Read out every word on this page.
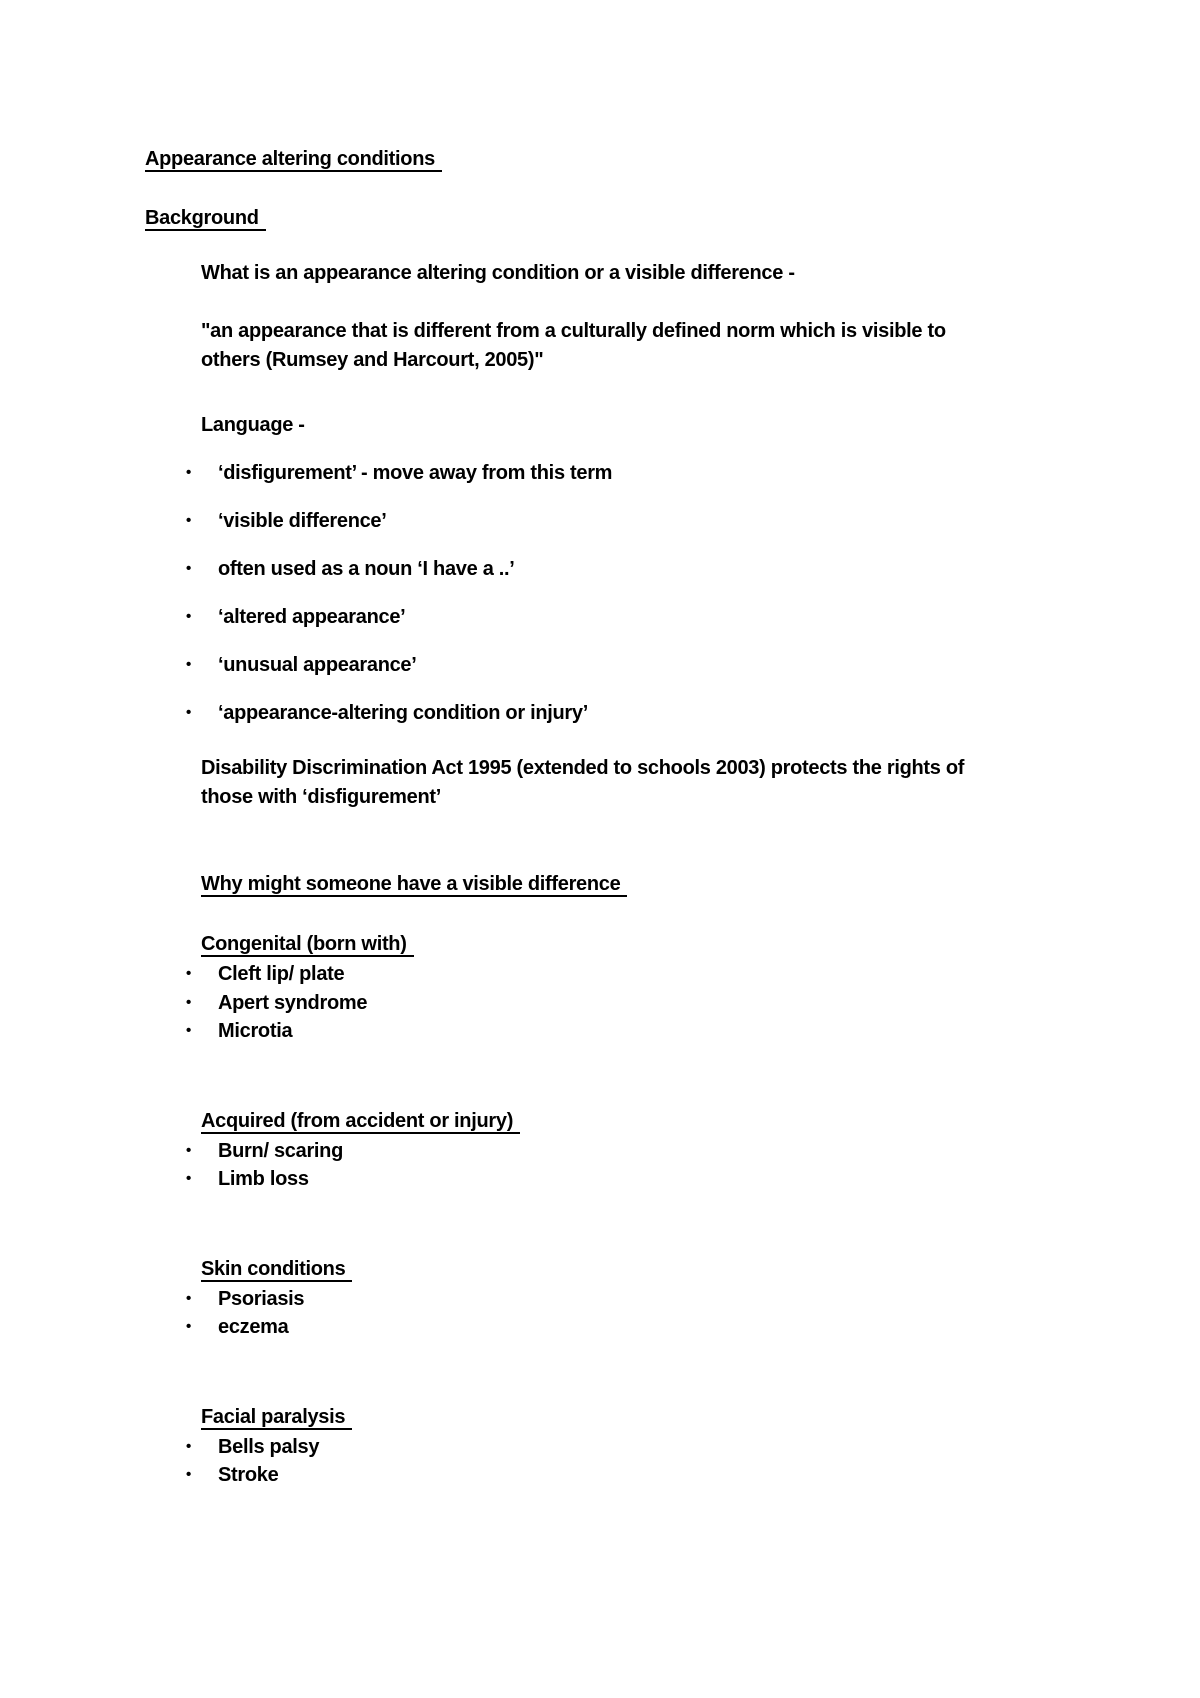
Appearance altering conditions
Background

What is an appearance altering condition or a visible difference -

"an appearance that is different from a culturally defined norm which is visible to
others (Rumsey and Harcourt, 2005)"

Language -

•
‘disfigurement’ - move away from this term
•
‘visible difference’
•
often used as a noun ‘I have a ..’
•
‘altered appearance’
•
‘unusual appearance’
•
‘appearance-altering condition or injury’

Disability Discrimination Act 1995 (extended to schools 2003) protects the rights of
those with ‘disfigurement’

Why might someone have a visible difference

Congenital (born with)

•
Cleft lip/ plate
•
Apert syndrome
•
Microtia

Acquired (from accident or injury)

•
Burn/ scaring
•
Limb loss

Skin conditions

•
Psoriasis
•
eczema

Facial paralysis

•
Bells palsy
•
Stroke
